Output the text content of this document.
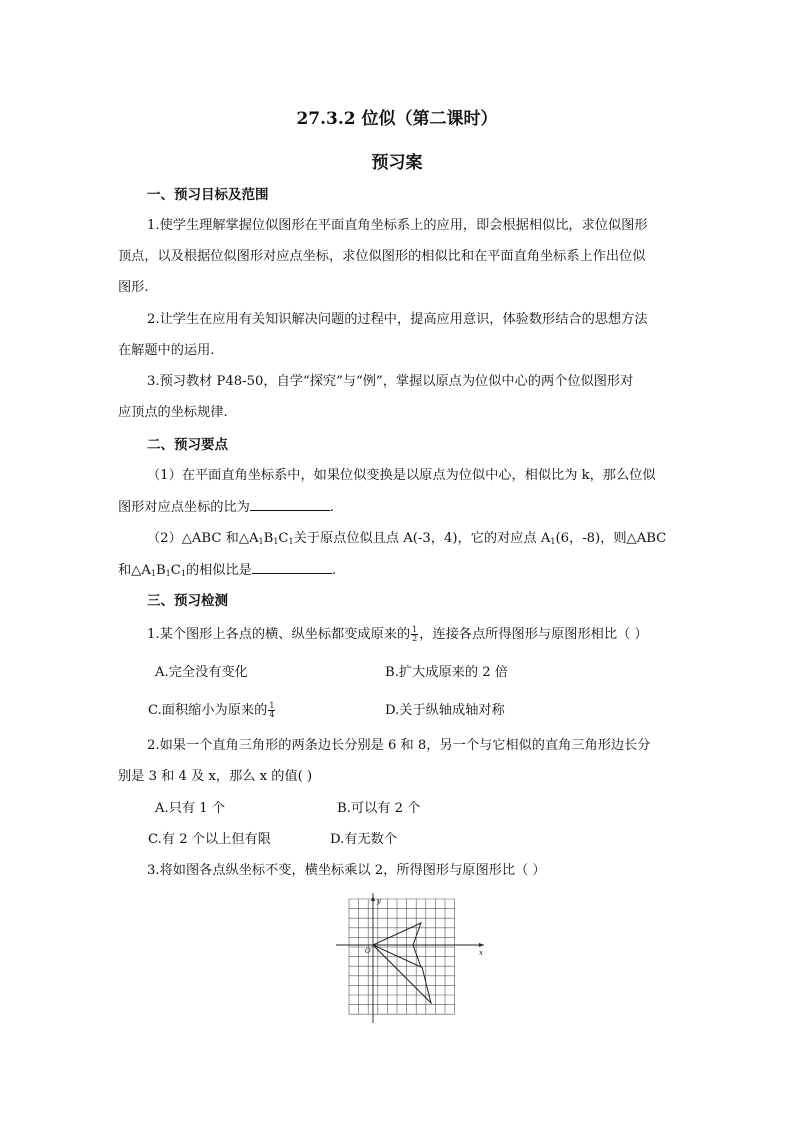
27.3.2 位似（第二课时）
预习案
一、预习目标及范围
1.使学生理解掌握位似图形在平面直角坐标系上的应用，即会根据相似比，求位似图形
顶点，以及根据位似图形对应点坐标，求位似图形的相似比和在平面直角坐标系上作出位似
图形.
2.让学生在应用有关知识解决问题的过程中，提高应用意识，体验数形结合的思想方法
在解题中的运用.
3.预习教材 P48-50，自学“探究”与“例”，掌握以原点为位似中心的两个位似图形对
应顶点的坐标规律.
二、预习要点
（1）在平面直角坐标系中，如果位似变换是以原点为位似中心，相似比为 k，那么位似
图形对应点坐标的比为	.
（2）△ABC 和$\triangle A_1B_1C_1$关于原点位似且点 A(-3，4)，它的对应点 $A_1(6$，-8)，则△ABC
和$\triangle A_1B_1C_1$的相似比是	.
三、预习检测
1.某个图形上各点的横、纵坐标都变成原来的 $\frac{1}{2}$ ，连接各点所得图形与原图形相比（ ）
A.完全没有变化	B.扩大成原来的 2 倍
C.面积缩小为原来的 $\frac{1}{4}$	D.关于纵轴成轴对称
2.如果一个直角三角形的两条边长分别是 6 和 8，另一个与它相似的直角三角形边长分
别是 3 和 4 及 x，那么 x 的值( )
A.只有 1 个	B.可以有 2 个
C.有 2 个以上但有限	D.有无数个
3.将如图各点纵坐标不变，横坐标乘以 2，所得图形与原图形比（ ）
y
x
O
